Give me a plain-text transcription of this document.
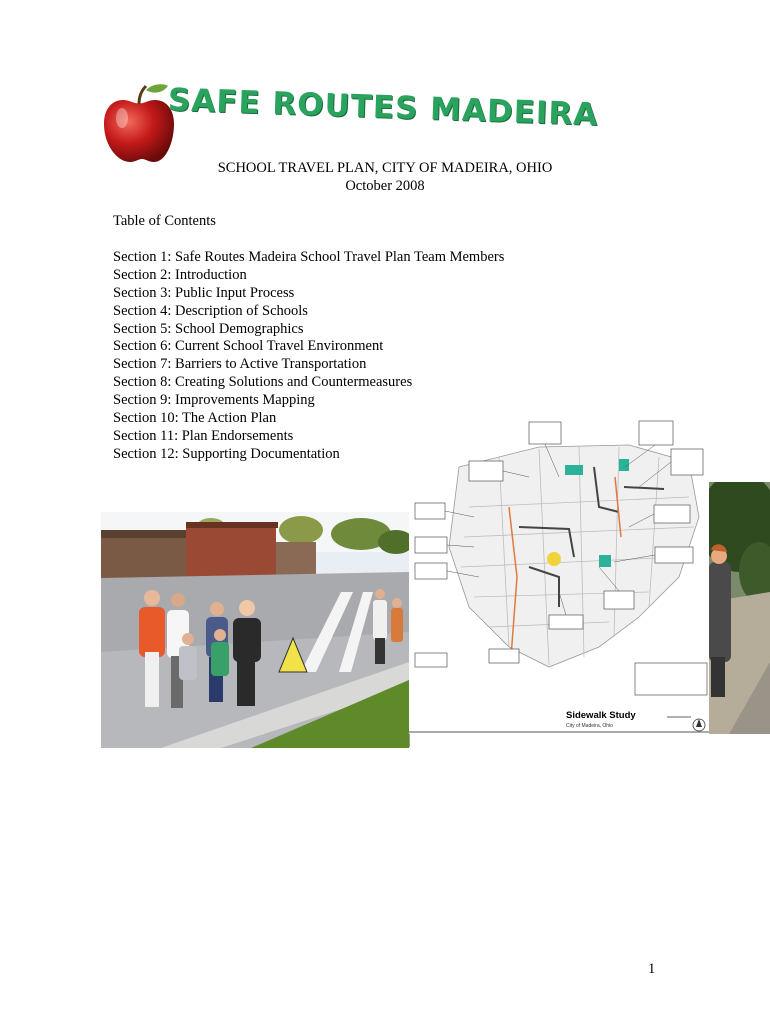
SAFE ROUTES MADEIRA
SCHOOL TRAVEL PLAN, CITY OF MADEIRA, OHIO
October 2008
Table of Contents
Section 1: Safe Routes Madeira School Travel Plan Team Members
Section 2: Introduction
Section 3: Public Input Process
Section 4: Description of Schools
Section 5: School Demographics
Section 6: Current School Travel Environment
Section 7: Barriers to Active Transportation
Section 8: Creating Solutions and Countermeasures
Section 9: Improvements Mapping
Section 10: The Action Plan
Section 11: Plan Endorsements
Section 12: Supporting Documentation
Sidewalk Study
City of Madeira, Ohio
1
